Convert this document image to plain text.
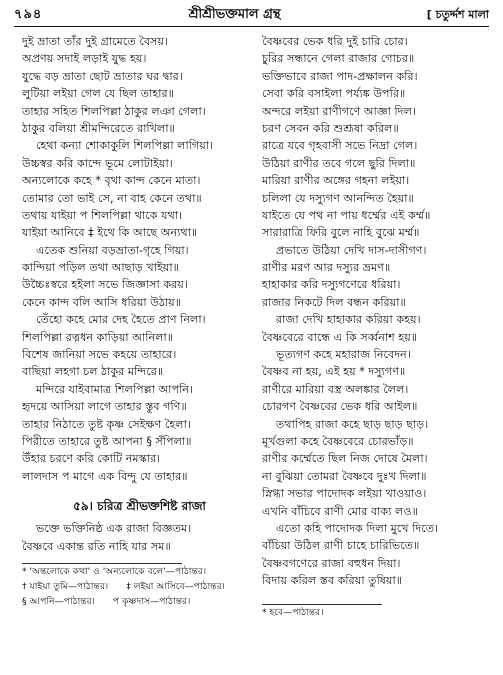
৭৯৪	শ্রীশ্রীভক্তমাল গ্রন্থ	[ চতুর্দ্দশ মালা
দুই ভ্রাতা তাঁর দুই গ্রামেতে বৈসয়।
অপ্রণয় সদাই লড়াই যুদ্ধ হয়।
যুদ্ধে বড় ভ্রাতা ছোট ভ্রাতার ঘর দ্বার।
লুটিয়া লইয়া গেল যে ছিল তাহার॥
তাহার সহিত শিলপিল্লা ঠাকুর লঞা গেলা।
ঠাকুর বলিয়া শ্রীমন্দিরেতে রাখিলা॥
হেথা কন্যা শোকাকুলি শিলপিল্লা লাগিয়া।
উচ্চস্বর করি কান্দে ভূমে লোটাইয়া।
অন্যলোকে কহে * বৃথা কান্দ কেনে মাতা।
তোমার তো ভাই সে, না বাহ কেনে তথা॥
তথায় যাইয়া প শিলপিল্লা থাকে যথা।
যাইয়া আনিবে ‡ ইথে কি আছে অন্যথা॥
এতেক শুনিয়া বড়ভ্রাতা-গৃহে গিয়া।
কান্দিয়া পড়িল তথা আছাড় খাইয়া॥
উচ্চৈঃস্বরে হইলা সভে জিজ্ঞাসা করয়।
কেনে কান্দ বলি আসি ধরিয়া উঠায়॥
তেঁহো কহে মোর দেহ হৈতে প্রাণ নিলা।
শিলপিল্লা রত্নধন কাড়িয়া আনিলা॥
বিশেষ জানিয়া সভে কহয়ে তাহারে।
বাছিয়া লহগা চল ঠাকুর মন্দিরে॥
মন্দিরে যাইবামাত্র শিলপিল্লা আপনি।
হৃদয়ে আসিয়া লাগে তাহার স্তুব গণি॥
তাহার নিঠাতে তুষ্ট কৃষ্ণ সেইক্ষণ হৈলা।
পিরীতে তাহারে তুষ্ট আপনা § সঁপিলা॥
উঁহার চরণে করি কোটি নমস্কার।
লালদাস প মাগে এক বিন্দু যে তাহার॥
৫৯। চরিত্র শ্রীভক্তশিষ্ট রাজা
ভক্তে ভক্তিনিষ্ঠ এক রাজা বিজ্ঞতম।
বৈষ্ণবে একান্ত রতি নাহি যার সম॥
* 'অন্তলোকে কথা' ও 'অন্যলোকে বলে'—পাঠান্তর।
† যাইয়া তুমি—পাঠান্তর। ‡ লইয়া আসিবে—পাঠান্তর।
§ আপনি—পাঠান্তর। প কৃষ্ণদাস—পাঠান্তর।
বৈষ্ণবের ভেক ধরি দুই চারি চোর।
চুরির সন্ধানে গেলা রাজার গোচর॥
ভক্তিভাবে রাজা পাদ-প্রক্ষালন করি।
সেবা করি বসাইলা পর্য্যঙ্ক উপরি॥
অন্দরে লইয়া রাণীগণে আজ্ঞা দিল।
চরণ সেবন করি শুশ্রূষা করিল॥
রাত্রে যবে গৃহবাসী সভে নিদ্রা গেল।
উঠিয়া রাণীর তবে গলে ছুরি দিলা॥
মারিয়া রাণীর অঙ্গের গহনা লইয়া।
চলিলা যে দস্যুগণ আনন্দিত হৈয়া॥
যাইতে যে পথ না পায় ধর্ম্মের এই কর্ম্ম॥
সারারাত্রি ফিরি বুলে নাহি বুঝে মর্ম্ম॥
প্রভাতে উঠিয়া দেখি দাস-দাসীগণ।
রাণীর মরণ আর দস্যুর ভ্রমণ॥
হাহাকার করি দস্যুগণেরে ধরিয়া।
রাজার নিকটে দিল বন্ধন করিয়া॥
রাজা দেখি হাহাকার করিয়া কহয়।
বৈষ্ণবেরে বান্ধে এ কি সর্ব্বনাশ হয়॥
ভূত্যগণ কহে মহারাজ নিবেদন।
বৈষ্ণব না হয়, এই হয় * দস্যুগণ॥
রাণীরে মারিয়া বস্ত্র অলঙ্কার লৈল।
চোরগণ বৈষ্ণবের ভেক ধরি আইল॥
তথাপিহ রাজা কহে ছাড় ছাড় ছাড়।
মূর্খগুলা কহে বৈষ্ণবেরে চোরভাঁড়॥
রাণীর কর্ম্মেতে ছিল নিজ দোষে মৈলা।
না বুঝিয়া তোমরা বৈষ্ণবে দুঃখ দিলা॥
স্নিগ্ধা সভার পাদোদক লইয়া খাওয়াও।
এখনি বাঁচিবে রাণী মোর বাক্য লও॥
এতো কহি পাদোদক দিলা মুখে দিতে।
বাঁচিয়া উঠিল রাণী চাহে চারিভিতে॥
বৈষ্ণবগণেরে রাজা বহুধন দিয়া।
বিদায় করিল স্তব করিয়া তুষিয়া॥
* হবে—পাঠান্তর।
